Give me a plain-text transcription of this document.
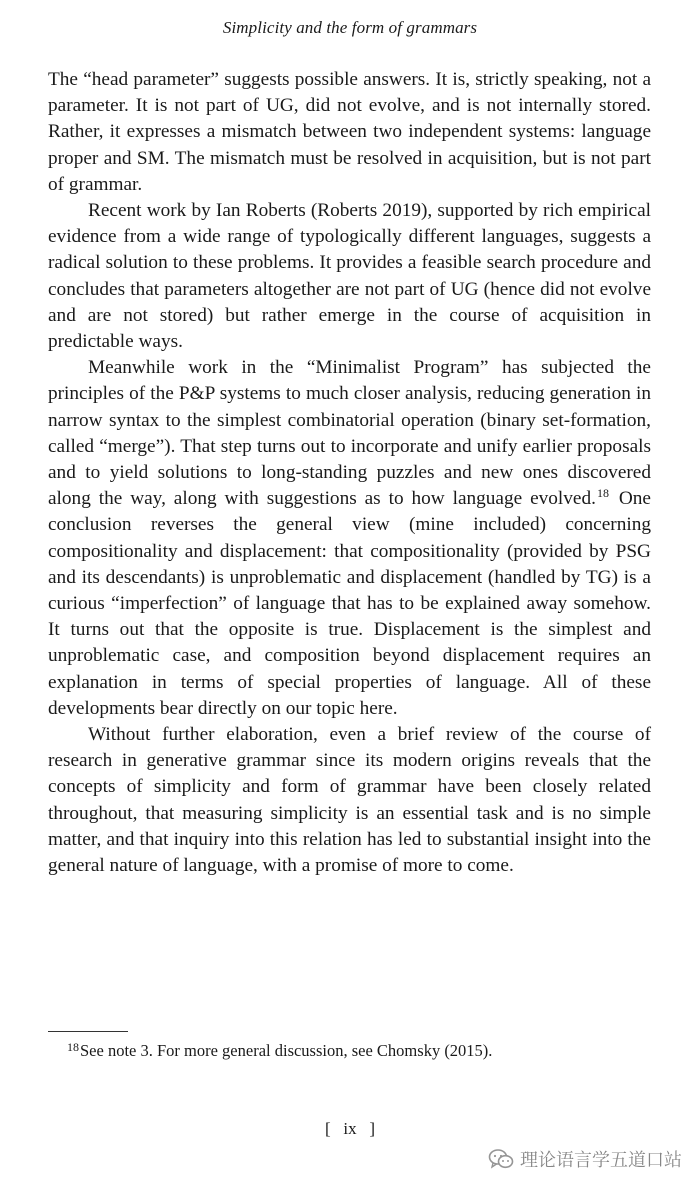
Simplicity and the form of grammars

The “head parameter” suggests possible answers. It is, strictly speaking, not a parameter. It is not part of UG, did not evolve, and is not internally stored. Rather, it expresses a mismatch between two independent systems: language proper and SM. The mismatch must be resolved in acquisition, but is not part of grammar.

Recent work by Ian Roberts (Roberts 2019), supported by rich empirical evidence from a wide range of typologically different languages, suggests a radical solution to these problems. It provides a feasible search procedure and concludes that parameters altogether are not part of UG (hence did not evolve and are not stored) but rather emerge in the course of acquisition in predictable ways.

Meanwhile work in the “Minimalist Program” has subjected the principles of the P&P systems to much closer analysis, reducing generation in narrow syntax to the simplest combinatorial operation (binary set-formation, called “merge”). That step turns out to incorporate and unify earlier proposals and to yield solutions to long-standing puzzles and new ones discovered along the way, along with suggestions as to how language evolved.$^{18}$ One conclusion reverses the general view (mine included) concerning compositionality and displacement: that compositionality (provided by PSG and its descendants) is unproblematic and displacement (handled by TG) is a curious “imperfection” of language that has to be explained away somehow. It turns out that the opposite is true. Displacement is the simplest and unproblematic case, and composition beyond displacement requires an explanation in terms of special properties of language. All of these developments bear directly on our topic here.

Without further elaboration, even a brief review of the course of research in generative grammar since its modern origins reveals that the concepts of simplicity and form of grammar have been closely related throughout, that measuring simplicity is an essential task and is no simple matter, and that inquiry into this relation has led to substantial insight into the general nature of language, with a promise of more to come.

$^{18}$See note 3. For more general discussion, see Chomsky (2015).
[   ix   ]
理论语言学五道口站
